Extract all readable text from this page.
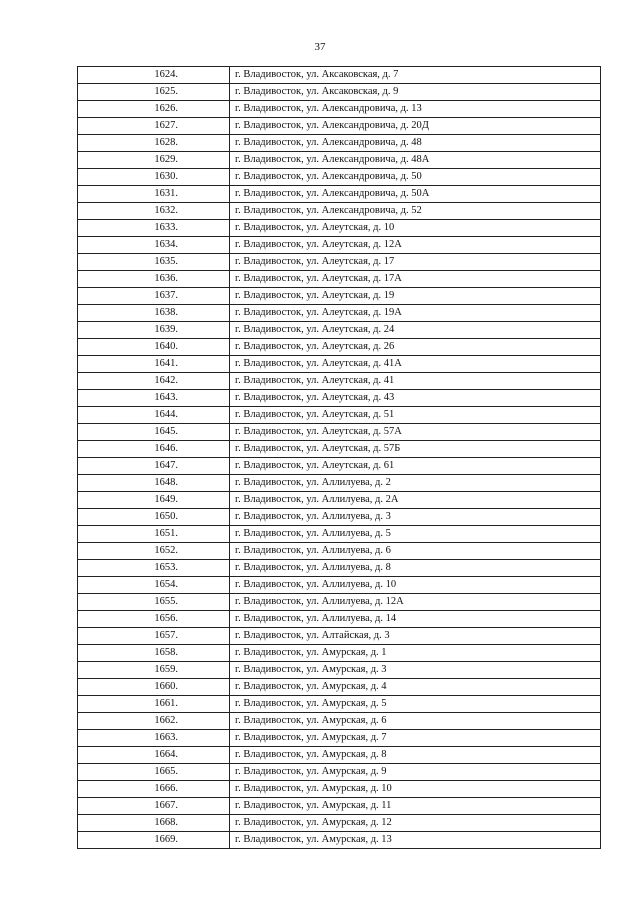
37
1624.	г. Владивосток, ул. Аксаковская, д. 7
1625.	г. Владивосток, ул. Аксаковская, д. 9
1626.	г. Владивосток, ул. Александровича, д. 13
1627.	г. Владивосток, ул. Александровича, д. 20Д
1628.	г. Владивосток, ул. Александровича, д. 48
1629.	г. Владивосток, ул. Александровича, д. 48А
1630.	г. Владивосток, ул. Александровича, д. 50
1631.	г. Владивосток, ул. Александровича, д. 50А
1632.	г. Владивосток, ул. Александровича, д. 52
1633.	г. Владивосток, ул. Алеутская, д. 10
1634.	г. Владивосток, ул. Алеутская, д. 12А
1635.	г. Владивосток, ул. Алеутская, д. 17
1636.	г. Владивосток, ул. Алеутская, д. 17А
1637.	г. Владивосток, ул. Алеутская, д. 19
1638.	г. Владивосток, ул. Алеутская, д. 19А
1639.	г. Владивосток, ул. Алеутская, д. 24
1640.	г. Владивосток, ул. Алеутская, д. 26
1641.	г. Владивосток, ул. Алеутская, д. 41А
1642.	г. Владивосток, ул. Алеутская, д. 41
1643.	г. Владивосток, ул. Алеутская, д. 43
1644.	г. Владивосток, ул. Алеутская, д. 51
1645.	г. Владивосток, ул. Алеутская, д. 57А
1646.	г. Владивосток, ул. Алеутская, д. 57Б
1647.	г. Владивосток, ул. Алеутская, д. 61
1648.	г. Владивосток, ул. Аллилуева, д. 2
1649.	г. Владивосток, ул. Аллилуева, д. 2А
1650.	г. Владивосток, ул. Аллилуева, д. 3
1651.	г. Владивосток, ул. Аллилуева, д. 5
1652.	г. Владивосток, ул. Аллилуева, д. 6
1653.	г. Владивосток, ул. Аллилуева, д. 8
1654.	г. Владивосток, ул. Аллилуева, д. 10
1655.	г. Владивосток, ул. Аллилуева, д. 12А
1656.	г. Владивосток, ул. Аллилуева, д. 14
1657.	г. Владивосток, ул. Алтайская, д. 3
1658.	г. Владивосток, ул. Амурская, д. 1
1659.	г. Владивосток, ул. Амурская, д. 3
1660.	г. Владивосток, ул. Амурская, д. 4
1661.	г. Владивосток, ул. Амурская, д. 5
1662.	г. Владивосток, ул. Амурская, д. 6
1663.	г. Владивосток, ул. Амурская, д. 7
1664.	г. Владивосток, ул. Амурская, д. 8
1665.	г. Владивосток, ул. Амурская, д. 9
1666.	г. Владивосток, ул. Амурская, д. 10
1667.	г. Владивосток, ул. Амурская, д. 11
1668.	г. Владивосток, ул. Амурская, д. 12
1669.	г. Владивосток, ул. Амурская, д. 13
